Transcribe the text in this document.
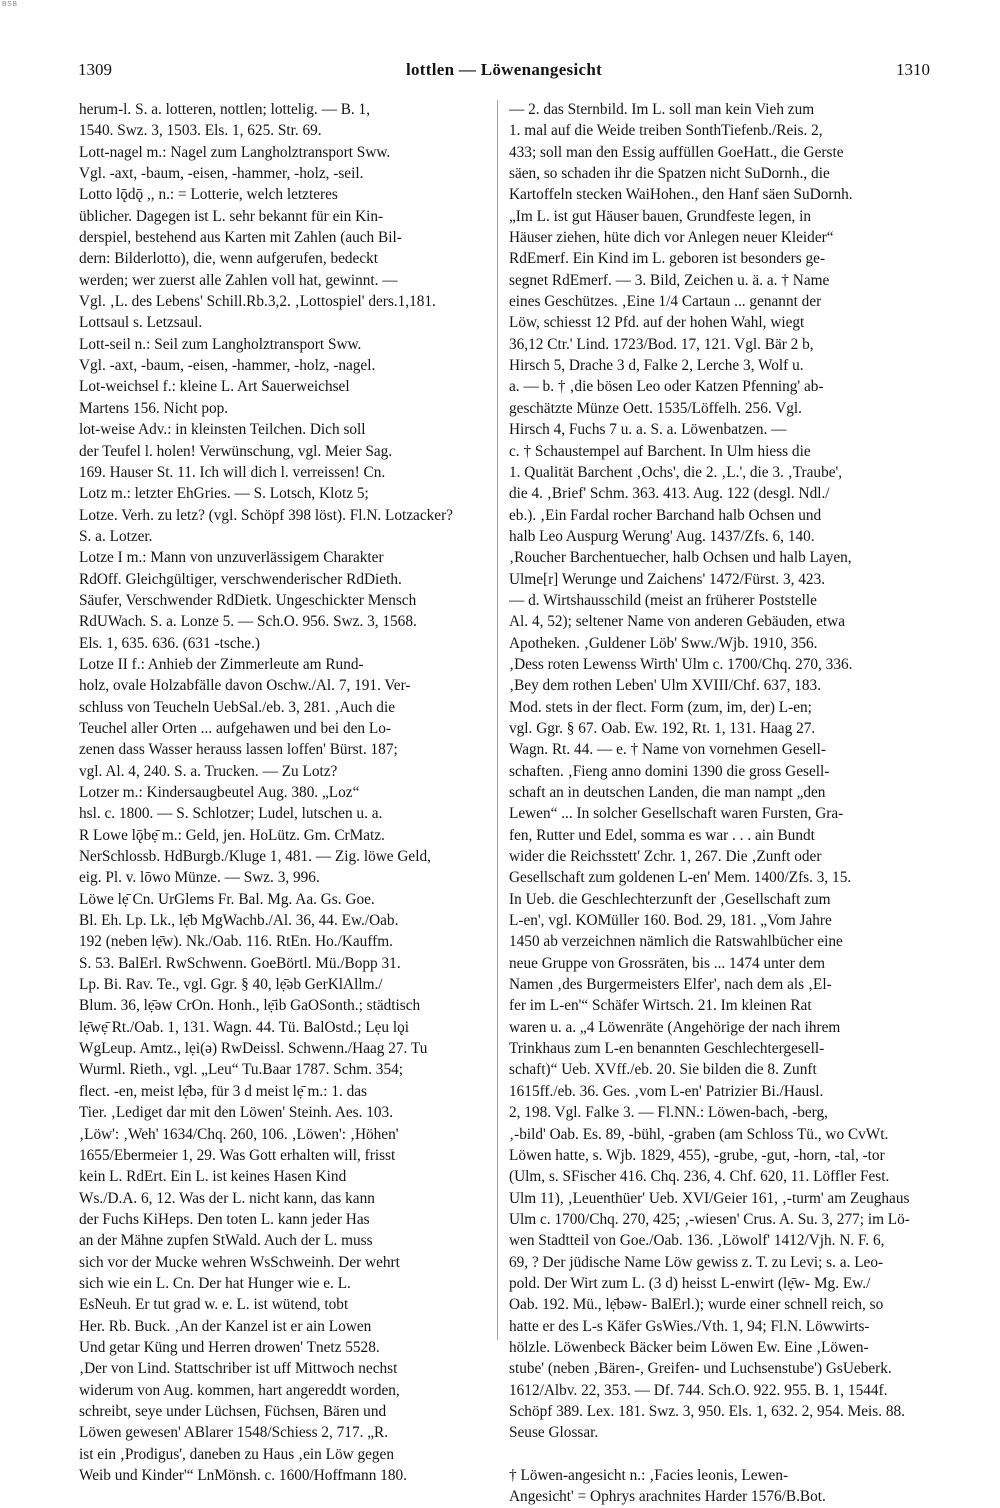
BSB
1309	lottlen — Löwenangesicht	1310
herum-l. S. a. lotteren, nottlen; lottelig. — B. 1,
1540. Swz. 3, 1503. Els. 1, 625. Str. 69.
Lott-nagel m.: Nagel zum Langholztransport Sww.
Vgl. -axt, -baum, -eisen, -hammer, -holz, -seil.
Lotto lǭdǭ ,, n.: = Lotterie, welch letzteres
üblicher. Dagegen ist L. sehr bekannt für ein Kin-
derspiel, bestehend aus Karten mit Zahlen (auch Bil-
dern: Bilderlotto), die, wenn aufgerufen, bedeckt
werden; wer zuerst alle Zahlen voll hat, gewinnt. —
Vgl. ‚L. des Lebens' Schill.Rb.3,2. ‚Lottospiel' ders.1,181.
Lottsaul s. Letzsaul.
Lott-seil n.: Seil zum Langholztransport Sww.
Vgl. -axt, -baum, -eisen, -hammer, -holz, -nagel.
Lot-weichsel f.: kleine L. Art Sauerweichsel
Martens 156. Nicht pop.
lot-weise Adv.: in kleinsten Teilchen. Dich soll
der Teufel l. holen! Verwünschung, vgl. Meier Sag.
169. Hauser St. 11. Ich will dich l. verreissen! Cn.
Lotz m.: letzter EhGries. — S. Lotsch, Klotz 5;
Lotze. Verh. zu letz? (vgl. Schöpf 398 löst). Fl.N. Lotzacker?
S. a. Lotzer.
Lotze I m.: Mann von unzuverlässigem Charakter
RdOff. Gleichgültiger, verschwenderischer RdDieth.
Säufer, Verschwender RdDietk. Ungeschickter Mensch
RdUWach. S. a. Lonze 5. — Sch.O. 956. Swz. 3, 1568.
Els. 1, 635. 636. (631 -tsche.)
Lotze II f.: Anhieb der Zimmerleute am Rund-
holz, ovale Holzabfälle davon Oschw./Al. 7, 191. Ver-
schluss von Teucheln UebSal./eb. 3, 281. ‚Auch die
Teuchel aller Orten ... aufgehawen und bei den Lo-
zenen dass Wasser herauss lassen loffen' Bürst. 187;
vgl. Al. 4, 240. S. a. Trucken. — Zu Lotz?
Lotzer m.: Kindersaugbeutel Aug. 380. „Loz“
hsl. c. 1800. — S. Schlotzer; Ludel, lutschen u. a.
R Lowe lǭbẹ̄ m.: Geld, jen. HoLütz. Gm. CrMatz.
NerSchlossb. HdBurgb./Kluge 1, 481. — Zig. löwe Geld,
eig. Pl. v. lōwo Münze. — Swz. 3, 996.
Löwe lẹ̄ Cn. UrGlems Fr. Bal. Mg. Aa. Gs. Goe.
Bl. Eh. Lp. Lk., lẹ̄b MgWachb./Al. 36, 44. Ew./Oab.
192 (neben lẹ̄w). Nk./Oab. 116. RtEn. Ho./Kauffm.
S. 53. BalErl. RwSchwenn. GoeBörtl. Mü./Bopp 31.
Lp. Bi. Rav. Te., vgl. Ggr. § 40, lẹ̄əb GerKlAllm./
Blum. 36, lẹ̄əw CrOn. Honh., lẹ̄ib GaOSonth.; städtisch
lẹ̄wẹ̄ Rt./Oab. 1, 131. Wagn. 44. Tü. BalOstd.; Lẹu lǫi
WgLeup. Amtz., lẹi(ə) RwDeissl. Schwenn./Haag 27. Tu
Wurml. Rieth., vgl. „Leu“ Tu.Baar 1787. Schm. 354;
flect. -en, meist lẹ̄bə, für 3 d meist lẹ̄ m.: 1. das
Tier. ‚Lediget dar mit den Löwen' Steinh. Aes. 103.
‚Löw': ‚Weh' 1634/Chq. 260, 106. ‚Löwen': ‚Höhen'
1655/Ebermeier 1, 29. Was Gott erhalten will, frisst
kein L. RdErt. Ein L. ist keines Hasen Kind
Ws./D.A. 6, 12. Was der L. nicht kann, das kann
der Fuchs KiHeps. Den toten L. kann jeder Has
an der Mähne zupfen StWald. Auch der L. muss
sich vor der Mucke wehren WsSchweinh. Der wehrt
sich wie ein L. Cn. Der hat Hunger wie e. L.
EsNeuh. Er tut grad w. e. L. ist wütend, tobt
Her. Rb. Buck. ‚An der Kanzel ist er ain Lowen
Und getar Küng und Herren drowen' Tnetz 5528.
‚Der von Lind. Stattschriber ist uff Mittwoch nechst
widerum von Aug. kommen, hart angereddt worden,
schreibt, seye under Lüchsen, Füchsen, Bären und
Löwen gewesen' ABlarer 1548/Schiess 2, 717. „R.
ist ein ‚Prodigus', daneben zu Haus ‚ein Löw gegen
Weib und Kinder'“ LnMönsh. c. 1600/Hoffmann 180.
— 2. das Sternbild. Im L. soll man kein Vieh zum
1. mal auf die Weide treiben SonthTiefenb./Reis. 2,
433; soll man den Essig auffüllen GoeHatt., die Gerste
säen, so schaden ihr die Spatzen nicht SuDornh., die
Kartoffeln stecken WaiHohen., den Hanf säen SuDornh.
„Im L. ist gut Häuser bauen, Grundfeste legen, in
Häuser ziehen, hüte dich vor Anlegen neuer Kleider“
RdEmerf. Ein Kind im L. geboren ist besonders ge-
segnet RdEmerf. — 3. Bild, Zeichen u. ä. a. † Name
eines Geschützes. ‚Eine 1/4 Cartaun ... genannt der
Löw, schiesst 12 Pfd. auf der hohen Wahl, wiegt
36,12 Ctr.' Lind. 1723/Bod. 17, 121. Vgl. Bär 2 b,
Hirsch 5, Drache 3 d, Falke 2, Lerche 3, Wolf u.
a. — b. † ‚die bösen Leo oder Katzen Pfenning' ab-
geschätzte Münze Oett. 1535/Löffelh. 256. Vgl.
Hirsch 4, Fuchs 7 u. a. S. a. Löwenbatzen. —
c. † Schaustempel auf Barchent. In Ulm hiess die
1. Qualität Barchent ‚Ochs', die 2. ‚L.', die 3. ‚Traube',
die 4. ‚Brief' Schm. 363. 413. Aug. 122 (desgl. Ndl./
eb.). ‚Ein Fardal rocher Barchand halb Ochsen und
halb Leo Auspurg Werung' Aug. 1437/Zfs. 6, 140.
‚Roucher Barchentuecher, halb Ochsen und halb Layen,
Ulme[r] Werunge und Zaichens' 1472/Fürst. 3, 423.
— d. Wirtshausschild (meist an früherer Poststelle
Al. 4, 52); seltener Name von anderen Gebäuden, etwa
Apotheken. ‚Guldener Löb' Sww./Wjb. 1910, 356.
‚Dess roten Lewenss Wirth' Ulm c. 1700/Chq. 270, 336.
‚Bey dem rothen Leben' Ulm XVIII/Chf. 637, 183.
Mod. stets in der flect. Form (zum, im, der) L-en;
vgl. Ggr. § 67. Oab. Ew. 192, Rt. 1, 131. Haag 27.
Wagn. Rt. 44. — e. † Name von vornehmen Gesell-
schaften. ‚Fieng anno domini 1390 die gross Gesell-
schaft an in deutschen Landen, die man nampt „den
Lewen“ ... In solcher Gesellschaft waren Fursten, Gra-
fen, Rutter und Edel, somma es war . . . ain Bundt
wider die Reichsstett' Zchr. 1, 267. Die ‚Zunft oder
Gesellschaft zum goldenen L-en' Mem. 1400/Zfs. 3, 15.
In Ueb. die Geschlechterzunft der ‚Gesellschaft zum
L-en', vgl. KOMüller 160. Bod. 29, 181. „Vom Jahre
1450 ab verzeichnen nämlich die Ratswahlbücher eine
neue Gruppe von Grossräten, bis ... 1474 unter dem
Namen ‚des Burgermeisters Elfer', nach dem als ‚El-
fer im L-en'“ Schäfer Wirtsch. 21. Im kleinen Rat
waren u. a. „4 Löwenräte (Angehörige der nach ihrem
Trinkhaus zum L-en benannten Geschlechtergesell-
schaft)“ Ueb. XVff./eb. 20. Sie bilden die 8. Zunft
1615ff./eb. 36. Ges. ‚vom L-en' Patrizier Bi./Hausl.
2, 198. Vgl. Falke 3. — Fl.NN.: Löwen-bach, -berg,
‚-bild' Oab. Es. 89, -bühl, -graben (am Schloss Tü., wo CvWt.
Löwen hatte, s. Wjb. 1829, 455), -grube, -gut, -horn, -tal, -tor
(Ulm, s. SFischer 416. Chq. 236, 4. Chf. 620, 11. Löffler Fest.
Ulm 11), ‚Leuenthüer' Ueb. XVI/Geier 161, ‚-turm' am Zeughaus
Ulm c. 1700/Chq. 270, 425; ‚-wiesen' Crus. A. Su. 3, 277; im Lö-
wen Stadtteil von Goe./Oab. 136. ‚Löwolf' 1412/Vjh. N. F. 6,
69, ? Der jüdische Name Löw gewiss z. T. zu Levi; s. a. Leo-
pold. Der Wirt zum L. (3 d) heisst L-enwirt (lẹ̄w- Mg. Ew./
Oab. 192. Mü., lẹ̄bəw- BalErl.); wurde einer schnell reich, so
hatte er des L-s Käfer GsWies./Vth. 1, 94; Fl.N. Löwwirts-
hölzle. Löwenbeck Bäcker beim Löwen Ew. Eine ‚Löwen-
stube' (neben ‚Bären-, Greifen- und Luchsenstube') GsUeberk.
1612/Albv. 22, 353. — Df. 744. Sch.O. 922. 955. B. 1, 1544f.
Schöpf 389. Lex. 181. Swz. 3, 950. Els. 1, 632. 2, 954. Meis. 88.
Seuse Glossar.
† Löwen-angesicht n.: ‚Facies leonis, Lewen-
Angesicht' = Ophrys arachnites Harder 1576/B.Bot.
